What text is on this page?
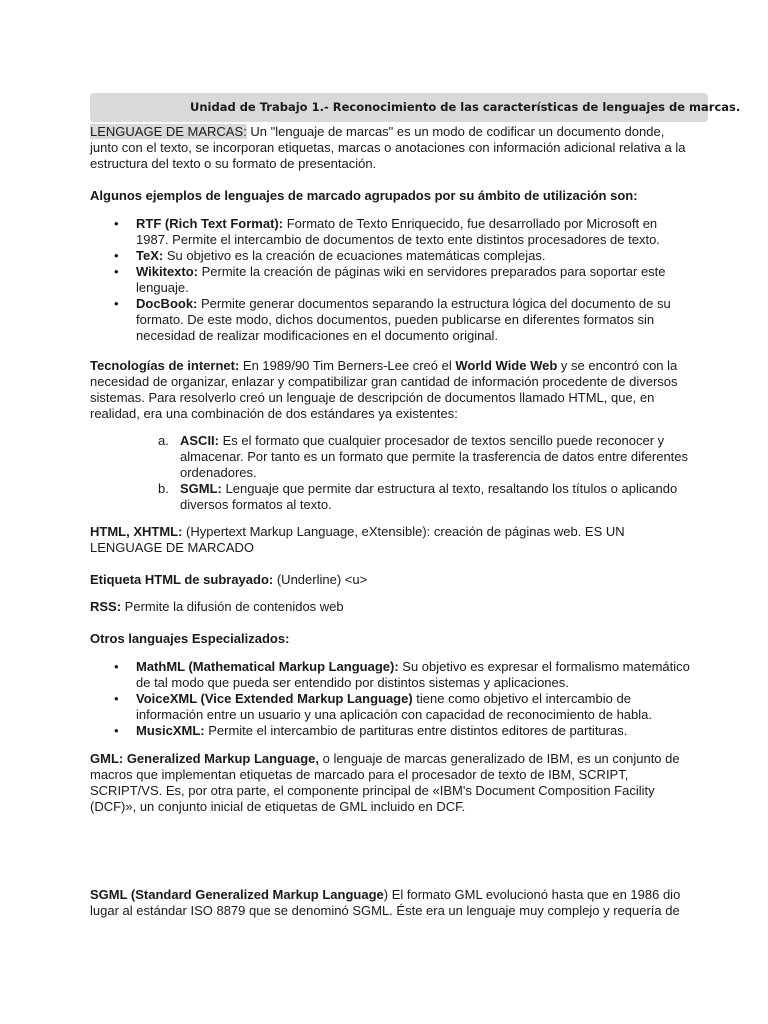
Unidad de Trabajo 1.- Reconocimiento de las características de lenguajes de marcas.

LENGUAGE DE MARCAS: Un "lenguaje de marcas" es un modo de codificar un documento donde, junto con el texto, se incorporan etiquetas, marcas o anotaciones con información adicional relativa a la estructura del texto o su formato de presentación.

Algunos ejemplos de lenguajes de marcado agrupados por su ámbito de utilización son:

• RTF (Rich Text Format): Formato de Texto Enriquecido, fue desarrollado por Microsoft en 1987. Permite el intercambio de documentos de texto ente distintos procesadores de texto.
• TeX: Su objetivo es la creación de ecuaciones matemáticas complejas.
• Wikitexto: Permite la creación de páginas wiki en servidores preparados para soportar este lenguaje.
• DocBook: Permite generar documentos separando la estructura lógica del documento de su formato. De este modo, dichos documentos, pueden publicarse en diferentes formatos sin necesidad de realizar modificaciones en el documento original.

Tecnologías de internet: En 1989/90 Tim Berners-Lee creó el World Wide Web y se encontró con la necesidad de organizar, enlazar y compatibilizar gran cantidad de información procedente de diversos sistemas. Para resolverlo creó un lenguaje de descripción de documentos llamado HTML, que, en realidad, era una combinación de dos estándares ya existentes:

a. ASCII: Es el formato que cualquier procesador de textos sencillo puede reconocer y almacenar. Por tanto es un formato que permite la trasferencia de datos entre diferentes ordenadores.
b. SGML: Lenguaje que permite dar estructura al texto, resaltando los títulos o aplicando diversos formatos al texto.

HTML, XHTML: (Hypertext Markup Language, eXtensible): creación de páginas web. ES UN LENGUAGE DE MARCADO

Etiqueta HTML de subrayado: (Underline) <u>

RSS: Permite la difusión de contenidos web

Otros languajes Especializados:

• MathML (Mathematical Markup Language): Su objetivo es expresar el formalismo matemático de tal modo que pueda ser entendido por distintos sistemas y aplicaciones.
• VoiceXML (Vice Extended Markup Language) tiene como objetivo el intercambio de información entre un usuario y una aplicación con capacidad de reconocimiento de habla.
• MusicXML: Permite el intercambio de partituras entre distintos editores de partituras.

GML: Generalized Markup Language, o lenguaje de marcas generalizado de IBM, es un conjunto de macros que implementan etiquetas de marcado para el procesador de texto de IBM, SCRIPT, SCRIPT/VS. Es, por otra parte, el componente principal de «IBM's Document Composition Facility (DCF)», un conjunto inicial de etiquetas de GML incluido en DCF.

SGML (Standard Generalized Markup Language) El formato GML evolucionó hasta que en 1986 dio lugar al estándar ISO 8879 que se denominó SGML. Éste era un lenguaje muy complejo y requería de
